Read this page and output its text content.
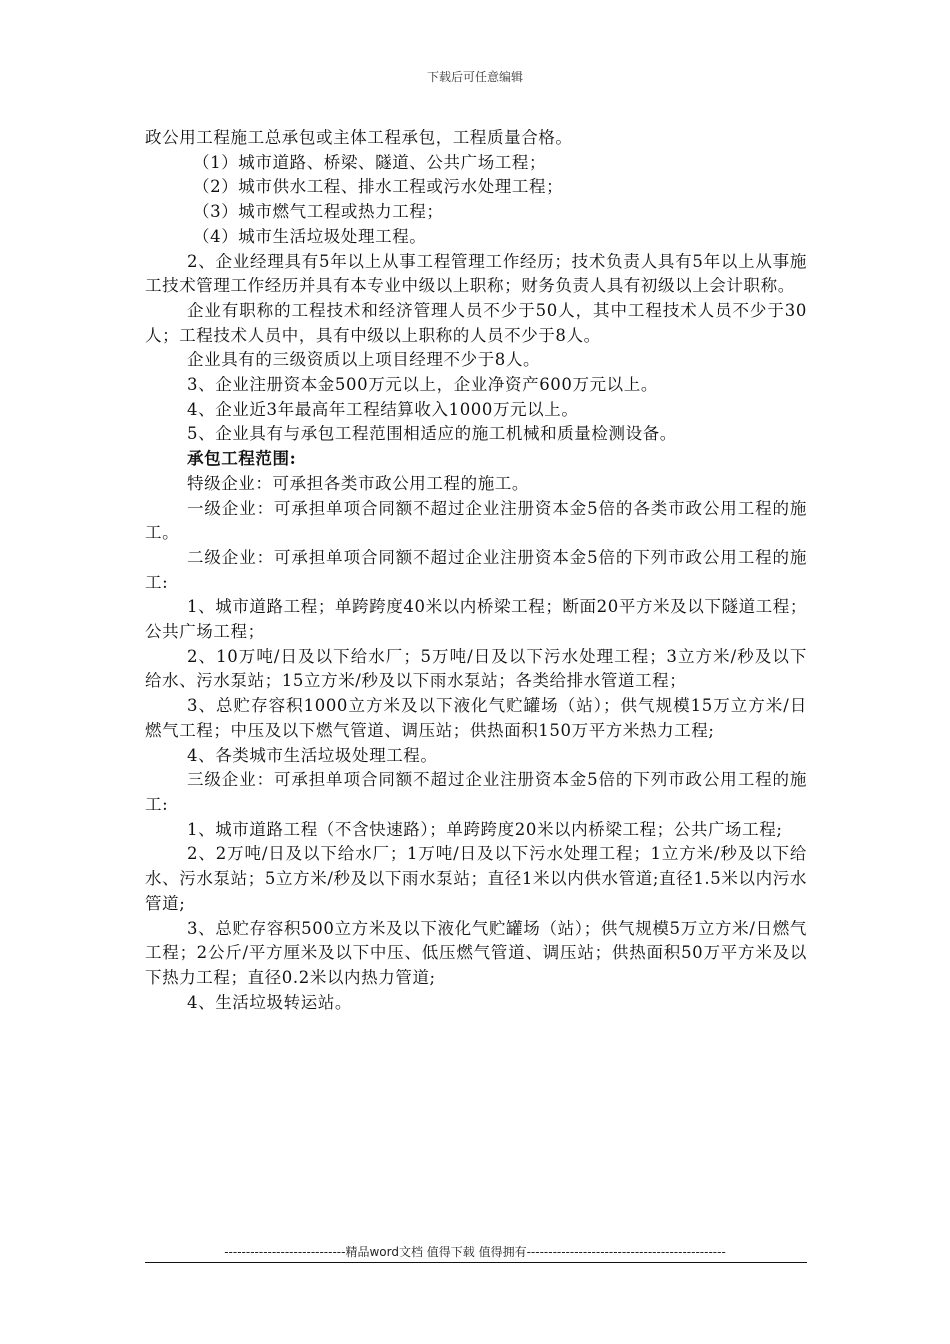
下载后可任意编辑

政公用工程施工总承包或主体工程承包，工程质量合格。

（1）城市道路、桥梁、隧道、公共广场工程；

（2）城市供水工程、排水工程或污水处理工程；

（3）城市燃气工程或热力工程；

（4）城市生活垃圾处理工程。

2、企业经理具有5年以上从事工程管理工作经历；技术负责人具有5年以上从事施工技术管理工作经历并具有本专业中级以上职称；财务负责人具有初级以上会计职称。

企业有职称的工程技术和经济管理人员不少于50人，其中工程技术人员不少于30人；工程技术人员中，具有中级以上职称的人员不少于8人。

企业具有的三级资质以上项目经理不少于8人。

3、企业注册资本金500万元以上，企业净资产600万元以上。

4、企业近3年最高年工程结算收入1000万元以上。

5、企业具有与承包工程范围相适应的施工机械和质量检测设备。

承包工程范围:

特级企业：可承担各类市政公用工程的施工。

一级企业：可承担单项合同额不超过企业注册资本金5倍的各类市政公用工程的施工。

二级企业：可承担单项合同额不超过企业注册资本金5倍的下列市政公用工程的施工:

1、城市道路工程；单跨跨度40米以内桥梁工程；断面20平方米及以下隧道工程；公共广场工程；

2、10万吨/日及以下给水厂；5万吨/日及以下污水处理工程；3立方米/秒及以下给水、污水泵站；15立方米/秒及以下雨水泵站；各类给排水管道工程；

3、总贮存容积1000立方米及以下液化气贮罐场（站）；供气规模15万立方米/日燃气工程；中压及以下燃气管道、调压站；供热面积150万平方米热力工程;

4、各类城市生活垃圾处理工程。

三级企业：可承担单项合同额不超过企业注册资本金5倍的下列市政公用工程的施工:

1、城市道路工程（不含快速路）；单跨跨度20米以内桥梁工程；公共广场工程;

2、2万吨/日及以下给水厂；1万吨/日及以下污水处理工程；1立方米/秒及以下给水、污水泵站；5立方米/秒及以下雨水泵站；直径1米以内供水管道;直径1.5米以内污水管道;

3、总贮存容积500立方米及以下液化气贮罐场（站）；供气规模5万立方米/日燃气工程；2公斤/平方厘米及以下中压、低压燃气管道、调压站；供热面积50万平方米及以下热力工程；直径0.2米以内热力管道;

4、生活垃圾转运站。

----------------------------精品word文档 值得下载 值得拥有----------------------------------------------
